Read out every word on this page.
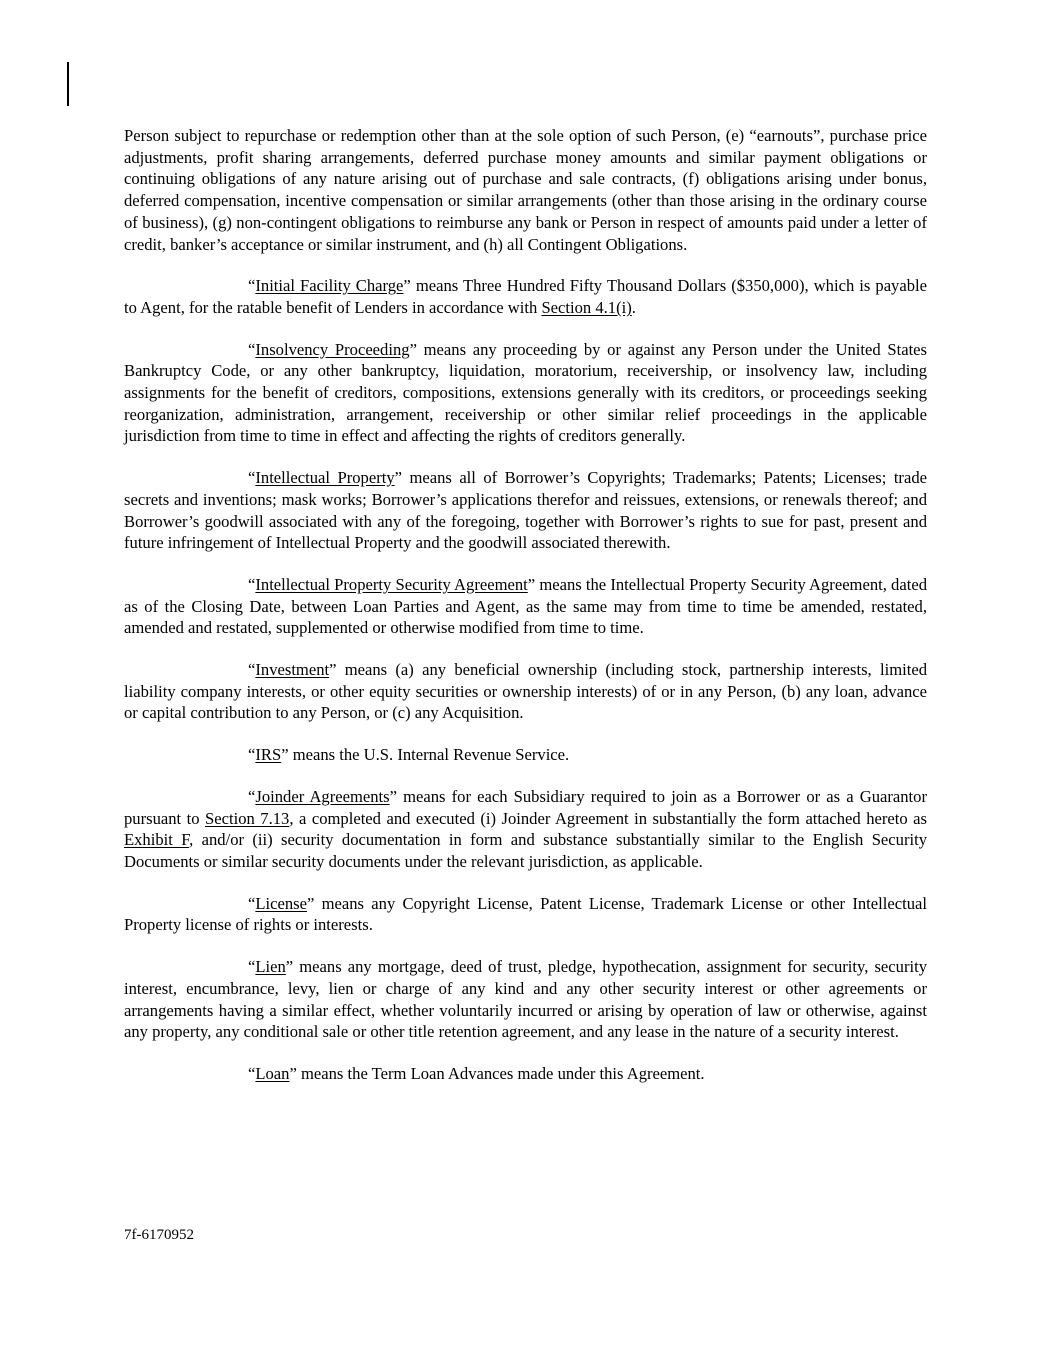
Person subject to repurchase or redemption other than at the sole option of such Person, (e) “earnouts”, purchase price adjustments, profit sharing arrangements, deferred purchase money amounts and similar payment obligations or continuing obligations of any nature arising out of purchase and sale contracts, (f) obligations arising under bonus, deferred compensation, incentive compensation or similar arrangements (other than those arising in the ordinary course of business), (g) non-contingent obligations to reimburse any bank or Person in respect of amounts paid under a letter of credit, banker’s acceptance or similar instrument, and (h) all Contingent Obligations.

“Initial Facility Charge” means Three Hundred Fifty Thousand Dollars ($350,000), which is payable to Agent, for the ratable benefit of Lenders in accordance with Section 4.1(i).

“Insolvency Proceeding” means any proceeding by or against any Person under the United States Bankruptcy Code, or any other bankruptcy, liquidation, moratorium, receivership, or insolvency law, including assignments for the benefit of creditors, compositions, extensions generally with its creditors, or proceedings seeking reorganization, administration, arrangement, receivership or other similar relief proceedings in the applicable jurisdiction from time to time in effect and affecting the rights of creditors generally.

“Intellectual Property” means all of Borrower’s Copyrights; Trademarks; Patents; Licenses; trade secrets and inventions; mask works; Borrower’s applications therefor and reissues, extensions, or renewals thereof; and Borrower’s goodwill associated with any of the foregoing, together with Borrower’s rights to sue for past, present and future infringement of Intellectual Property and the goodwill associated therewith.

“Intellectual Property Security Agreement” means the Intellectual Property Security Agreement, dated as of the Closing Date, between Loan Parties and Agent, as the same may from time to time be amended, restated, amended and restated, supplemented or otherwise modified from time to time.

“Investment” means (a) any beneficial ownership (including stock, partnership interests, limited liability company interests, or other equity securities or ownership interests) of or in any Person, (b) any loan, advance or capital contribution to any Person, or (c) any Acquisition.

“IRS” means the U.S. Internal Revenue Service.

“Joinder Agreements” means for each Subsidiary required to join as a Borrower or as a Guarantor pursuant to Section 7.13, a completed and executed (i) Joinder Agreement in substantially the form attached hereto as Exhibit F, and/or (ii) security documentation in form and substance substantially similar to the English Security Documents or similar security documents under the relevant jurisdiction, as applicable.

“License” means any Copyright License, Patent License, Trademark License or other Intellectual Property license of rights or interests.

“Lien” means any mortgage, deed of trust, pledge, hypothecation, assignment for security, security interest, encumbrance, levy, lien or charge of any kind and any other security interest or other agreements or arrangements having a similar effect, whether voluntarily incurred or arising by operation of law or otherwise, against any property, any conditional sale or other title retention agreement, and any lease in the nature of a security interest.

“Loan” means the Term Loan Advances made under this Agreement.

7f-6170952
